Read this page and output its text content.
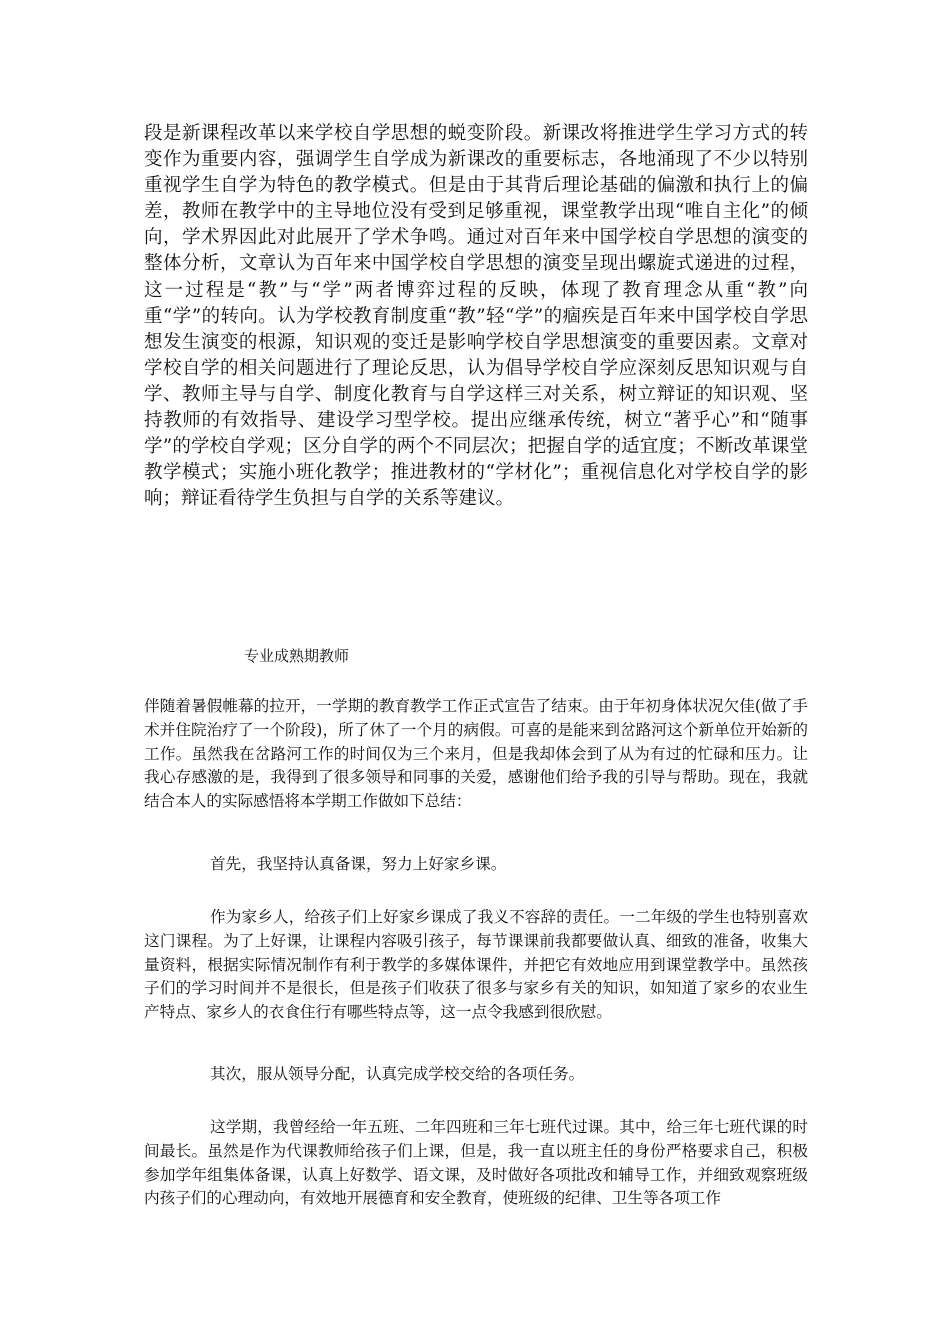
段是新课程改革以来学校自学思想的蜕变阶段。新课改将推进学生学习方式的转变作为重要内容，强调学生自学成为新课改的重要标志，各地涌现了不少以特别重视学生自学为特色的教学模式。但是由于其背后理论基础的偏激和执行上的偏差，教师在教学中的主导地位没有受到足够重视，课堂教学出现“唯自主化”的倾向，学术界因此对此展开了学术争鸣。通过对百年来中国学校自学思想的演变的整体分析，文章认为百年来中国学校自学思想的演变呈现出螺旋式递进的过程，这一过程是“教”与“学”两者博弈过程的反映，体现了教育理念从重“教”向重“学”的转向。认为学校教育制度重“教”轻“学”的痼疾是百年来中国学校自学思想发生演变的根源，知识观的变迁是影响学校自学思想演变的重要因素。文章对学校自学的相关问题进行了理论反思，认为倡导学校自学应深刻反思知识观与自学、教师主导与自学、制度化教育与自学这样三对关系，树立辩证的知识观、坚持教师的有效指导、建设学习型学校。提出应继承传统，树立“著乎心”和“随事学”的学校自学观；区分自学的两个不同层次；把握自学的适宜度；不断改革课堂教学模式；实施小班化教学；推进教材的“学材化”；重视信息化对学校自学的影响；辩证看待学生负担与自学的关系等建议。

专业成熟期教师

伴随着暑假帷幕的拉开，一学期的教育教学工作正式宣告了结束。由于年初身体状况欠佳(做了手术并住院治疗了一个阶段)，所了休了一个月的病假。可喜的是能来到岔路河这个新单位开始新的工作。虽然我在岔路河工作的时间仅为三个来月，但是我却体会到了从为有过的忙碌和压力。让我心存感激的是，我得到了很多领导和同事的关爱，感谢他们给予我的引导与帮助。现在，我就结合本人的实际感悟将本学期工作做如下总结：

首先，我坚持认真备课，努力上好家乡课。

作为家乡人，给孩子们上好家乡课成了我义不容辞的责任。一二年级的学生也特别喜欢这门课程。为了上好课，让课程内容吸引孩子，每节课课前我都要做认真、细致的准备，收集大量资料，根据实际情况制作有利于教学的多媒体课件，并把它有效地应用到课堂教学中。虽然孩子们的学习时间并不是很长，但是孩子们收获了很多与家乡有关的知识，如知道了家乡的农业生产特点、家乡人的衣食住行有哪些特点等，这一点令我感到很欣慰。

其次，服从领导分配，认真完成学校交给的各项任务。

这学期，我曾经给一年五班、二年四班和三年七班代过课。其中，给三年七班代课的时间最长。虽然是作为代课教师给孩子们上课，但是，我一直以班主任的身份严格要求自己，积极参加学年组集体备课，认真上好数学、语文课，及时做好各项批改和辅导工作，并细致观察班级内孩子们的心理动向，有效地开展德育和安全教育，使班级的纪律、卫生等各项工作
